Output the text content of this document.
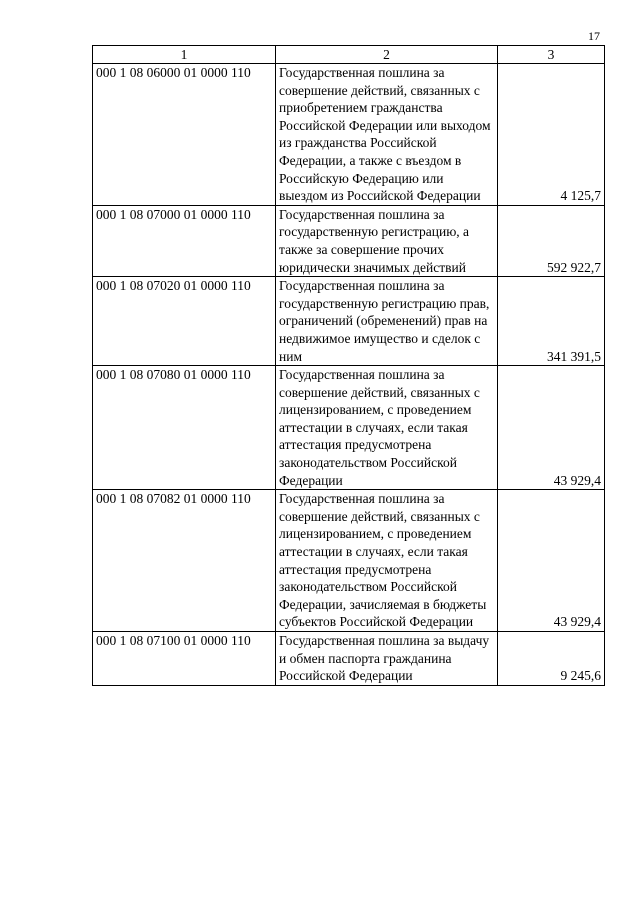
17
1	2	3
000 1 08 06000 01 0000 110	Государственная пошлина за совершение действий, связанных с приобретением гражданства Российской Федерации или выходом из гражданства Российской Федерации, а также с въездом в Российскую Федерацию или выездом из Российской Федерации	4 125,7
000 1 08 07000 01 0000 110	Государственная пошлина за государственную регистрацию, а также за совершение прочих юридически значимых действий	592 922,7
000 1 08 07020 01 0000 110	Государственная пошлина за государственную регистрацию прав, ограничений (обременений) прав на недвижимое имущество и сделок с ним	341 391,5
000 1 08 07080 01 0000 110	Государственная пошлина за совершение действий, связанных с лицензированием, с проведением аттестации в случаях, если такая аттестация предусмотрена законодательством Российской Федерации	43 929,4
000 1 08 07082 01 0000 110	Государственная пошлина за совершение действий, связанных с лицензированием, с проведением аттестации в случаях, если такая аттестация предусмотрена законодательством Российской Федерации, зачисляемая в бюджеты субъектов Российской Федерации	43 929,4
000 1 08 07100 01 0000 110	Государственная пошлина за выдачу и обмен паспорта гражданина Российской Федерации	9 245,6
